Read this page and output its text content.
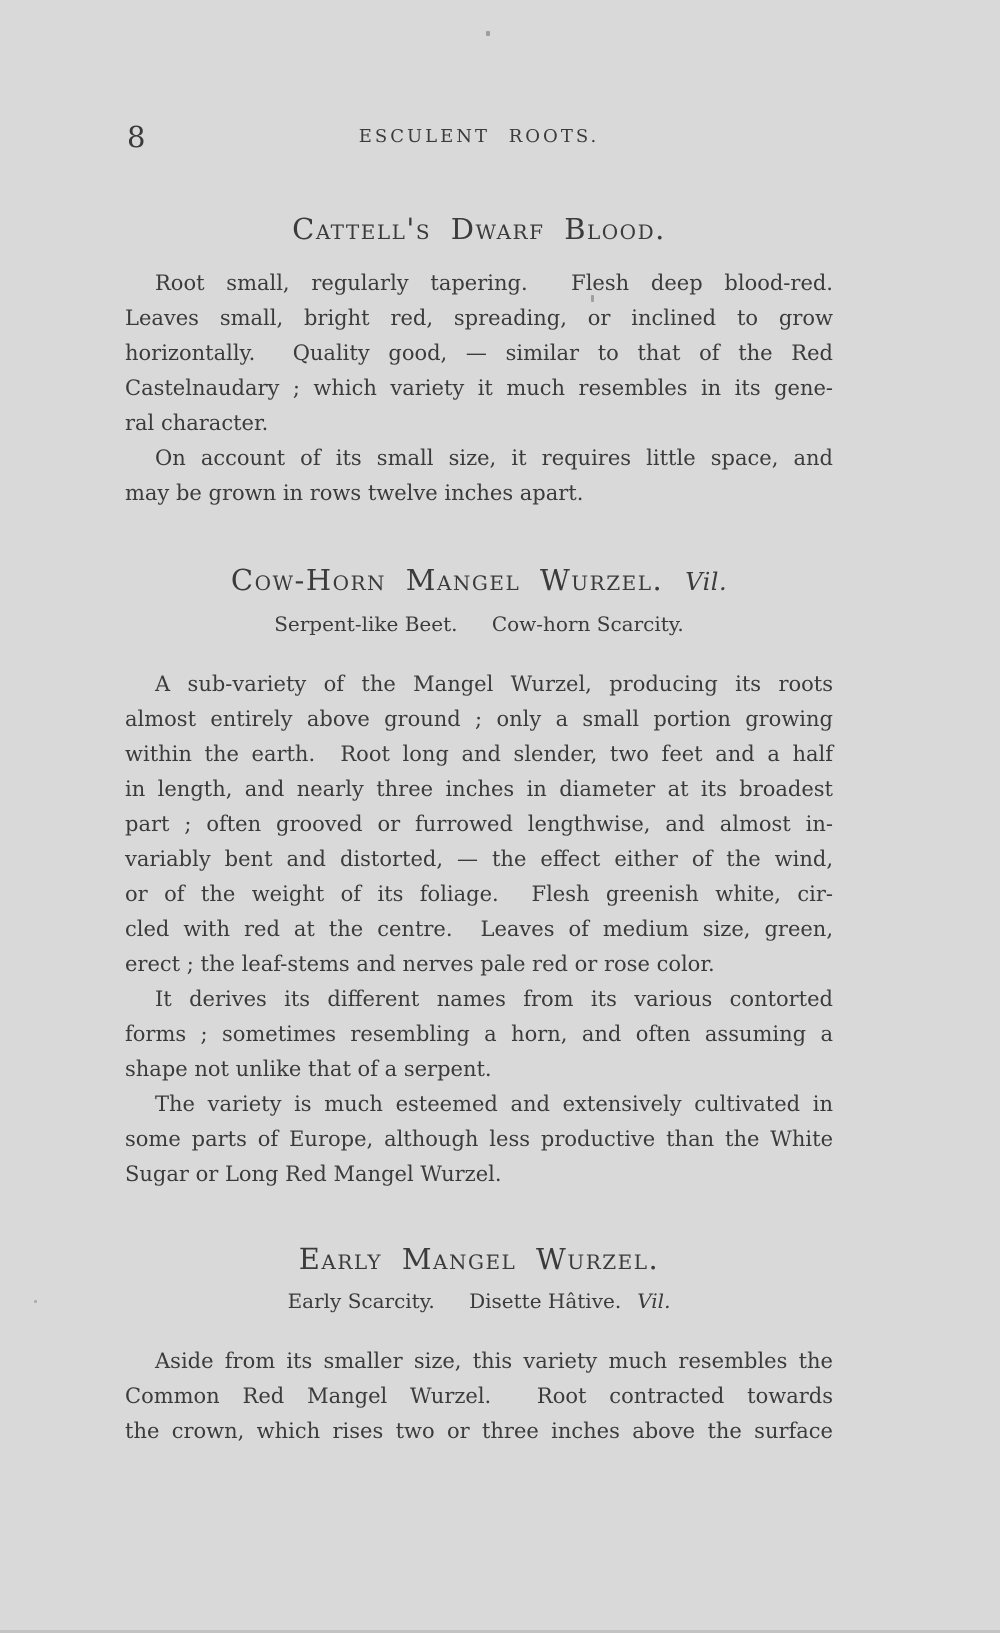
8	ESCULENT ROOTS.
Cattell's Dwarf Blood.
Root small, regularly tapering.  Flesh deep blood-red.
Leaves small, bright red, spreading, or inclined to grow
horizontally.  Quality good, — similar to that of the Red
Castelnaudary ; which variety it much resembles in its gene-
ral character.
On account of its small size, it requires little space, and
may be grown in rows twelve inches apart.
Cow-Horn Mangel Wurzel. Vil.
Serpent-like Beet. Cow-horn Scarcity.
A sub-variety of the Mangel Wurzel, producing its roots
almost entirely above ground ; only a small portion growing
within the earth.  Root long and slender, two feet and a half
in length, and nearly three inches in diameter at its broadest
part ; often grooved or furrowed lengthwise, and almost in-
variably bent and distorted, — the effect either of the wind,
or of the weight of its foliage.  Flesh greenish white, cir-
cled with red at the centre.  Leaves of medium size, green,
erect ; the leaf-stems and nerves pale red or rose color.
It derives its different names from its various contorted
forms ; sometimes resembling a horn, and often assuming a
shape not unlike that of a serpent.
The variety is much esteemed and extensively cultivated in
some parts of Europe, although less productive than the White
Sugar or Long Red Mangel Wurzel.
Early Mangel Wurzel.
Early Scarcity. Disette Hâtive. Vil.
Aside from its smaller size, this variety much resembles the
Common Red Mangel Wurzel.  Root contracted towards
the crown, which rises two or three inches above the surface
